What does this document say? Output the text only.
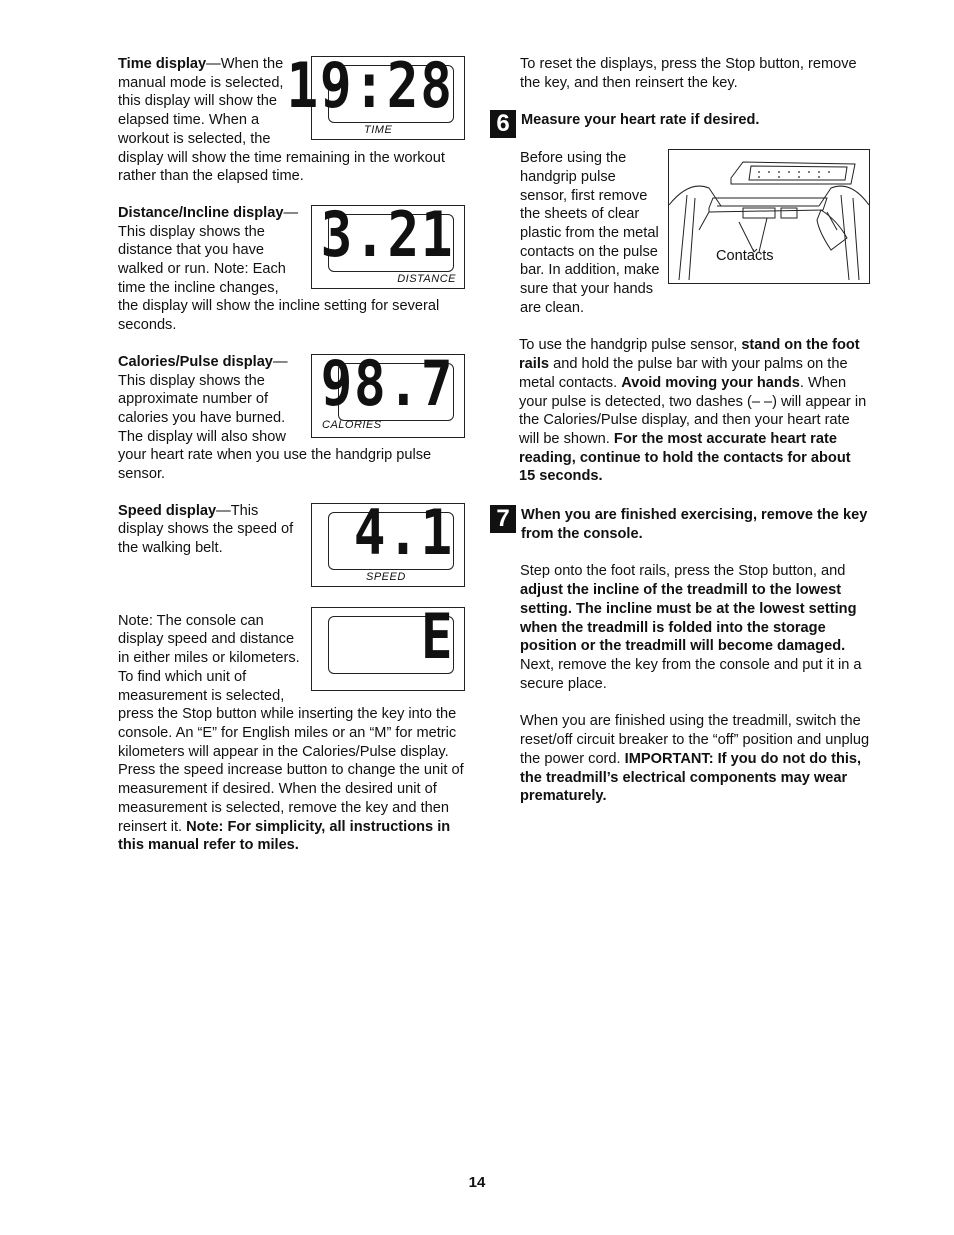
19:28
TIME

Time display—When the manual mode is selected, this display will show the elapsed time. When a workout is selected, the display will show the time remaining in the workout rather than the elapsed time.

3.21
DISTANCE

Distance/Incline display—This display shows the distance that you have walked or run. Note: Each time the incline changes, the display will show the incline setting for several seconds.

98.7
CALORIES

Calories/Pulse display—This display shows the approximate number of calories you have burned. The display will also show your heart rate when you use the handgrip pulse sensor.

4.1
SPEED

Speed display—This display shows the speed of the walking belt.

E

Note: The console can display speed and distance in either miles or kilometers. To find which unit of measurement is selected, press the Stop button while inserting the key into the console. An “E” for English miles or an “M” for metric kilometers will appear in the Calories/Pulse display. Press the speed increase button to change the unit of measurement if desired. When the desired unit of measurement is selected, remove the key and then reinsert it. Note: For simplicity, all instructions in this manual refer to miles.

To reset the displays, press the Stop button, remove the key, and then reinsert the key.

6 Measure your heart rate if desired.

Contacts

Before using the handgrip pulse sensor, first remove the sheets of clear plastic from the metal contacts on the pulse bar. In addition, make sure that your hands are clean.

To use the handgrip pulse sensor, stand on the foot rails and hold the pulse bar with your palms on the metal contacts. Avoid moving your hands. When your pulse is detected, two dashes (– –) will appear in the Calories/Pulse display, and then your heart rate will be shown. For the most accurate heart rate reading, continue to hold the contacts for about 15 seconds.

7 When you are finished exercising, remove the key from the console.

Step onto the foot rails, press the Stop button, and adjust the incline of the treadmill to the lowest setting. The incline must be at the lowest setting when the treadmill is folded into the storage position or the treadmill will become damaged. Next, remove the key from the console and put it in a secure place.

When you are finished using the treadmill, switch the reset/off circuit breaker to the “off” position and unplug the power cord. IMPORTANT: If you do not do this, the treadmill’s electrical components may wear prematurely.

14
